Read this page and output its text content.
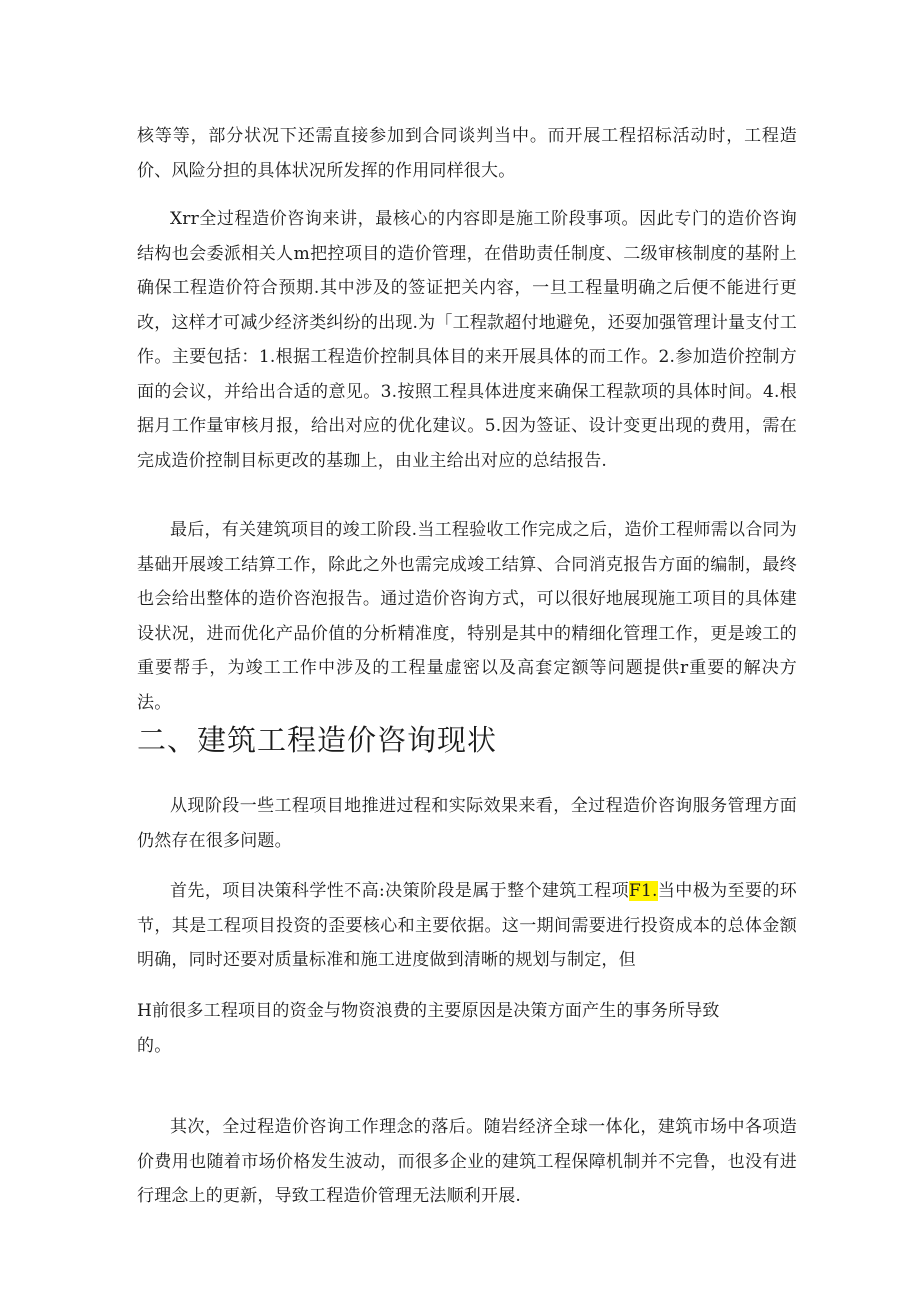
核等等，部分状况下还需直接参加到合同谈判当中。而开展工程招标活动时，工程造价、风险分担的具体状况所发挥的作用同样很大。

Xrr全过程造价咨询来讲，最核心的内容即是施工阶段事项。因此专门的造价咨询结构也会委派相关人m把控项目的造价管理，在借助责任制度、二级审核制度的基附上确保工程造价符合预期.其中涉及的签证把关内容，一旦工程量明确之后便不能进行更改，这样才可减少经济类纠纷的出现.为「工程款超付地避免，还耍加强管理计量支付工作。主要包括：1.根据工程造价控制具体目的来开展具体的而工作。2.参加造价控制方面的会议，并给出合适的意见。3.按照工程具体进度来确保工程款项的具体时间。4.根据月工作量审核月报，给出对应的优化建议。5.因为签证、设计变更出现的费用，需在完成造价控制目标更改的基珈上，由业主给出对应的总结报告.

最后，有关建筑项目的竣工阶段.当工程验收工作完成之后，造价工程师需以合同为基础开展竣工结算工作，除此之外也需完成竣工结算、合同消克报告方面的编制，最终也会给出整体的造价咨泡报告。通过造价咨询方式，可以很好地展现施工项目的具体建设状况，进而优化产品价值的分析精准度，特别是其中的精细化管理工作，更是竣工的重要帮手，为竣工工作中涉及的工程量虚密以及高套定额等问题提供r重要的解决方法。

二、建筑工程造价咨询现状

从现阶段一些工程项目地推进过程和实际效果来看，全过程造价咨询服务管理方面仍然存在很多问题。

首先，项目决策科学性不高:决策阶段是属于整个建筑工程项F1.当中极为至要的环节，其是工程项目投资的歪要核心和主要依据。这一期间需要进行投资成本的总体金额明确，同时还要对质量标准和施工进度做到清晰的规划与制定，但

H前很多工程项目的资金与物资浪费的主要原因是决策方面产生的事务所导致
的。

其次，全过程造价咨询工作理念的落后。随岩经济全球一体化，建筑市场中各项造价费用也随着市场价格发生波动，而很多企业的建筑工程保障机制并不完鲁，也没有进行理念上的更新，导致工程造价管理无法顺利开展.
